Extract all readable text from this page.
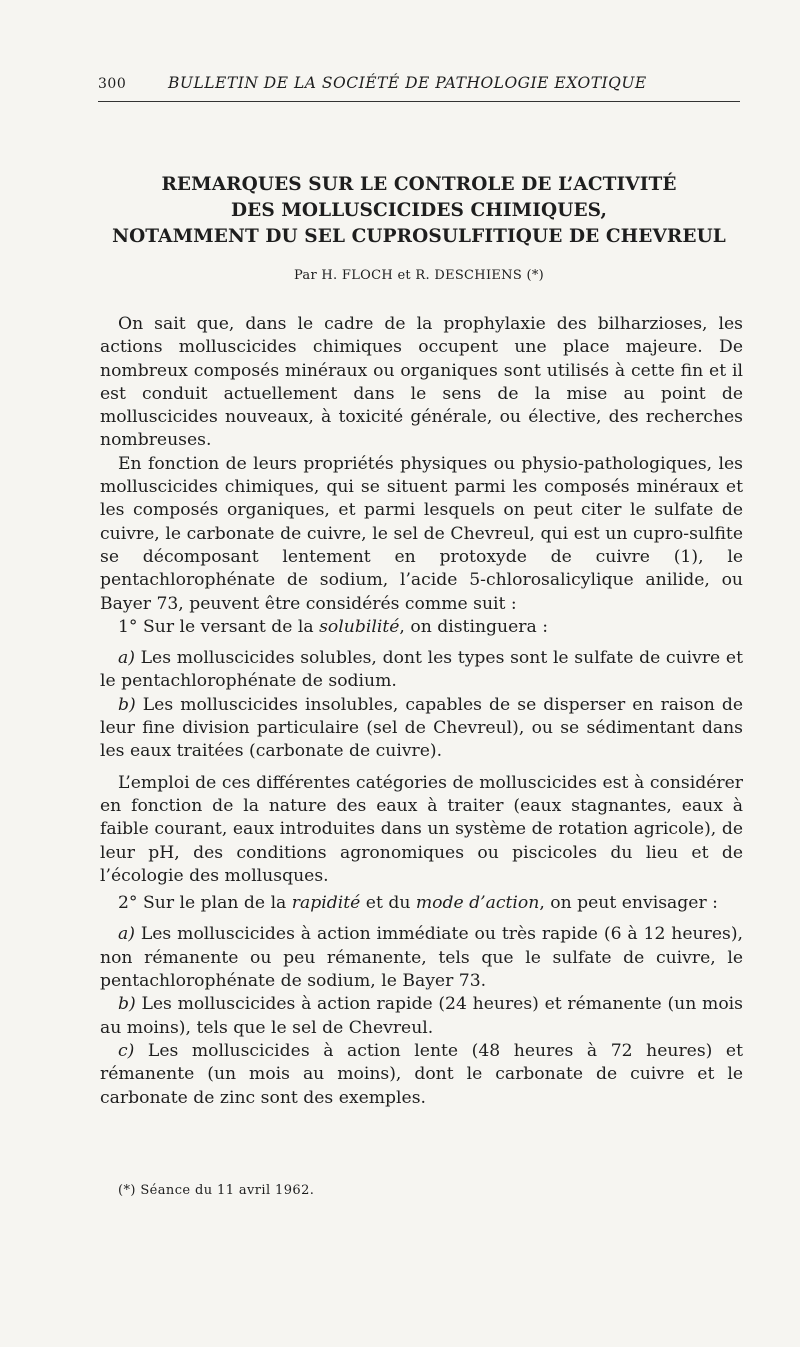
300	BULLETIN DE LA SOCIÉTÉ DE PATHOLOGIE EXOTIQUE
REMARQUES SUR LE CONTROLE DE L’ACTIVITÉ
DES MOLLUSCICIDES CHIMIQUES,
NOTAMMENT DU SEL CUPROSULFITIQUE DE CHEVREUL
Par H. FLOCH et R. DESCHIENS (*)

On sait que, dans le cadre de la prophylaxie des bilharzioses, les actions molluscicides chimiques occupent une place majeure. De nombreux composés minéraux ou organiques sont utilisés à cette fin et il est conduit actuellement dans le sens de la mise au point de molluscicides nouveaux, à toxicité générale, ou élective, des recherches nombreuses.

En fonction de leurs propriétés physiques ou physio-pathologiques, les molluscicides chimiques, qui se situent parmi les composés minéraux et les composés organiques, et parmi lesquels on peut citer le sulfate de cuivre, le carbonate de cuivre, le sel de Chevreul, qui est un cupro-sulfite se décomposant lentement en protoxyde de cuivre (1), le pentachlorophénate de sodium, l’acide 5-chlorosalicylique anilide, ou Bayer 73, peuvent être considérés comme suit :

1° Sur le versant de la solubilité, on distinguera :

a) Les molluscicides solubles, dont les types sont le sulfate de cuivre et le pentachlorophénate de sodium.

b) Les molluscicides insolubles, capables de se disperser en raison de leur fine division particulaire (sel de Chevreul), ou se sédimentant dans les eaux traitées (carbonate de cuivre).

L’emploi de ces différentes catégories de molluscicides est à considérer en fonction de la nature des eaux à traiter (eaux stagnantes, eaux à faible courant, eaux introduites dans un système de rotation agricole), de leur pH, des conditions agronomiques ou piscicoles du lieu et de l’écologie des mollusques.

2° Sur le plan de la rapidité et du mode d’action, on peut envisager :

a) Les molluscicides à action immédiate ou très rapide (6 à 12 heures), non rémanente ou peu rémanente, tels que le sulfate de cuivre, le pentachlorophénate de sodium, le Bayer 73.

b) Les molluscicides à action rapide (24 heures) et rémanente (un mois au moins), tels que le sel de Chevreul.

c) Les molluscicides à action lente (48 heures à 72 heures) et rémanente (un mois au moins), dont le carbonate de cuivre et le carbonate de zinc sont des exemples.

(*) Séance du 11 avril 1962.
